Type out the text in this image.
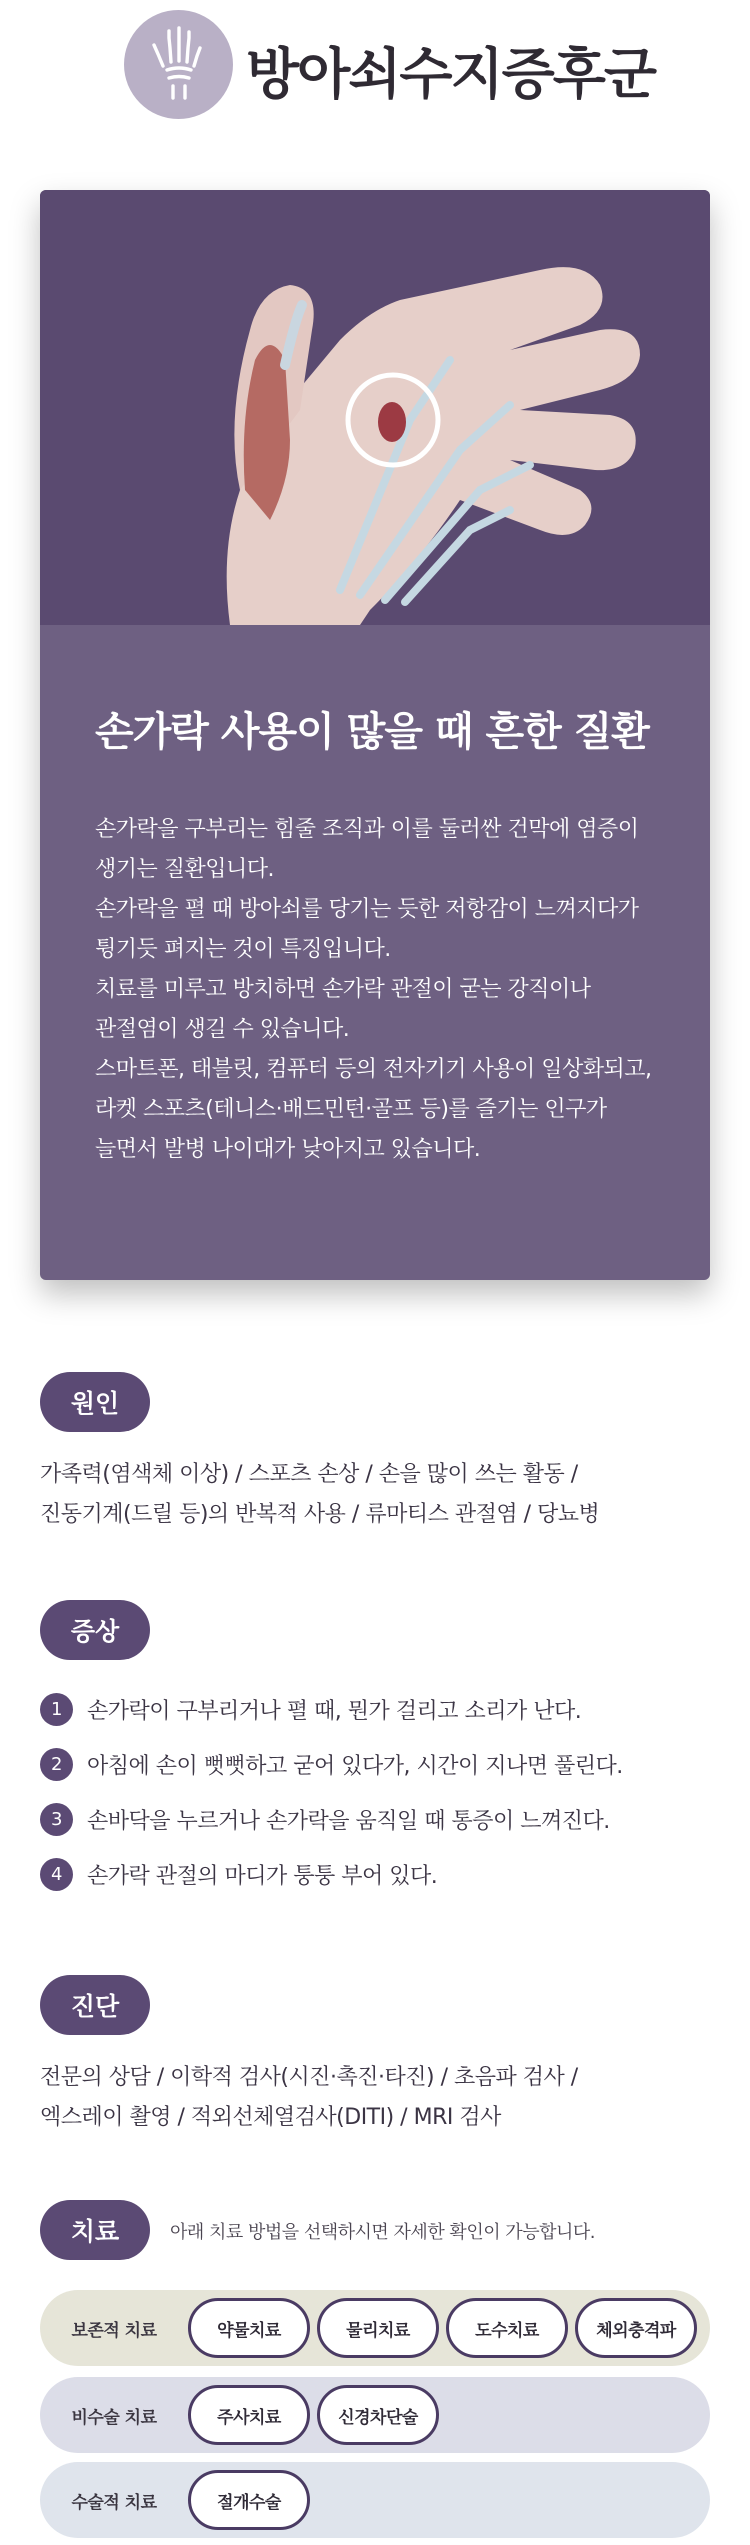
방아쇠수지증후군
손가락 사용이 많을 때 흔한 질환

손가락을 구부리는 힘줄 조직과 이를 둘러싼 건막에 염증이

생기는 질환입니다.

손가락을 펼 때 방아쇠를 당기는 듯한 저항감이 느껴지다가

튕기듯 펴지는 것이 특징입니다.

치료를 미루고 방치하면 손가락 관절이 굳는 강직이나

관절염이 생길 수 있습니다.

스마트폰, 태블릿, 컴퓨터 등의 전자기기 사용이 일상화되고,

라켓 스포츠(테니스·배드민턴·골프 등)를 즐기는 인구가

늘면서 발병 나이대가 낮아지고 있습니다.

원인
가족력(염색체 이상) / 스포츠 손상 / 손을 많이 쓰는 활동 /
진동기계(드릴 등)의 반복적 사용 / 류마티스 관절염 / 당뇨병
증상
1	손가락이 구부리거나 펼 때, 뭔가 걸리고 소리가 난다.
2	아침에 손이 뻣뻣하고 굳어 있다가, 시간이 지나면 풀린다.
3	손바닥을 누르거나 손가락을 움직일 때 통증이 느껴진다.
4	손가락 관절의 마디가 퉁퉁 부어 있다.
진단
전문의 상담 / 이학적 검사(시진·촉진·타진) / 초음파 검사 /
엑스레이 촬영 / 적외선체열검사(DITI) / MRI 검사
치료	아래 치료 방법을 선택하시면 자세한 확인이 가능합니다.
보존적 치료	약물치료	물리치료	도수치료	체외충격파
비수술 치료	주사치료	신경차단술
수술적 치료	절개수술
